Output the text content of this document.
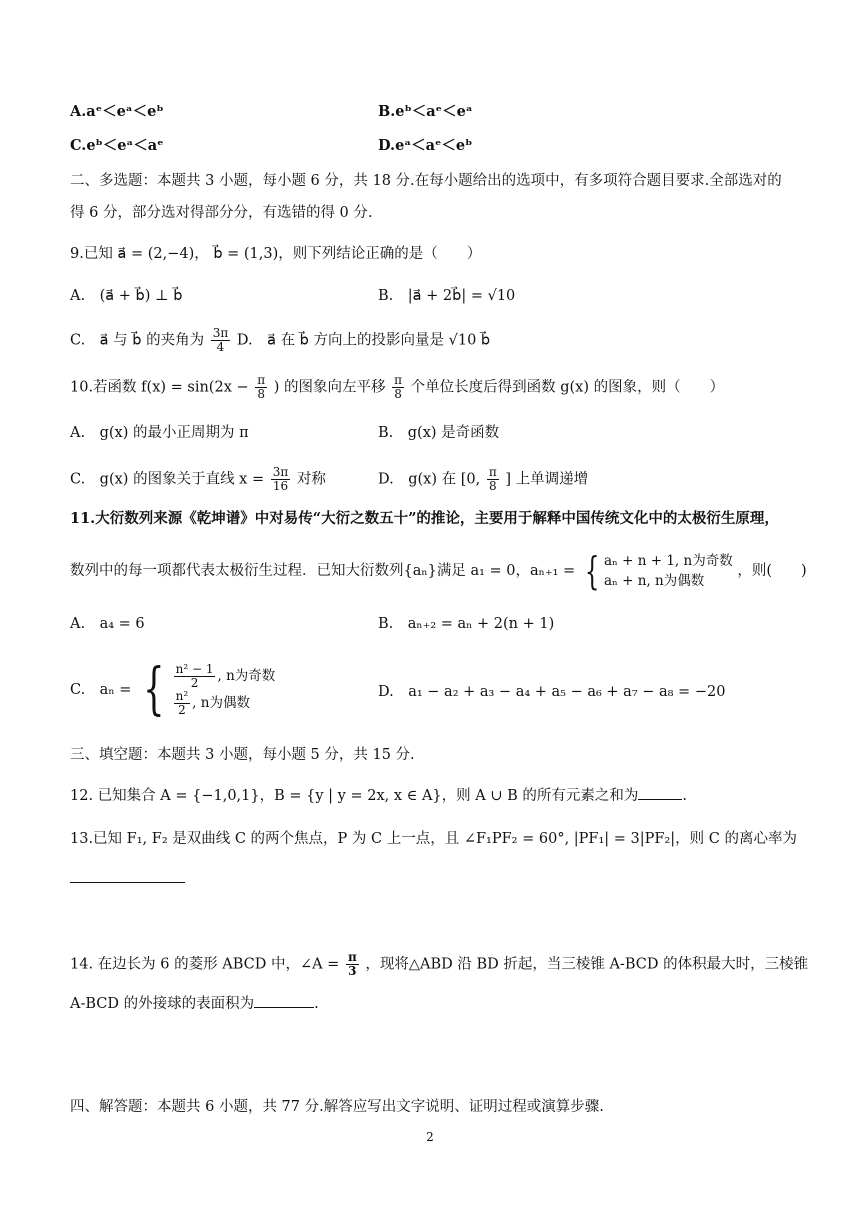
A.aᵉ＜eᵃ＜eᵇ	B.eᵇ＜aᵉ＜eᵃ
C.eᵇ＜eᵃ＜aᵉ	D.eᵃ＜aᵉ＜eᵇ
二、多选题：本题共 3 小题，每小题 6 分，共 18 分.在每小题给出的选项中，有多项符合题目要求.全部选对的
得 6 分，部分选对得部分分，有选错的得 0 分.
9.已知 a⃗ = (2,−4)， b⃗ = (1,3)，则下列结论正确的是（　　）
A.　(a⃗ + b⃗) ⊥ b⃗	B.　|a⃗ + 2b⃗| = √10
C.　a⃗ 与 b⃗ 的夹角为 $\frac{3\pi}{4} D$.　a⃗ 在 b⃗ 方向上的投影向量是 √10 b⃗
10.若函数 $f(x) = \sin(2x - \frac{\pi}{8}$ ) 的图象向左平移 $\frac{\pi}{8}$ 个单位长度后得到函数 g(x) 的图象，则（　　）
A.　g(x) 的最小正周期为 π	B.　g(x) 是奇函数
C.　g(x) 的图象关于直线 $x = \frac{3\pi}{16}$ 对称	D.　g(x) 在 [0, $\frac{\pi}{8}$ ] 上单调递增
11.大衍数列来源《乾坤谱》中对易传“大衍之数五十”的推论，主要用于解释中国传统文化中的太极衍生原理，
数列中的每一项都代表太极衍生过程．已知大衍数列{aₙ}满足 a₁ = 0，aₙ₊₁ = { aₙ + n + 1, n为奇数
aₙ + n, n为偶数
，则(　　)
A.　a₄ = 6	B.　aₙ₊₂ = aₙ + 2(n + 1)
C.　aₙ = { $\frac{\text{n² − 1}}{2}$ , n为奇数
$\frac{\text{n²}}{2}$ , n为偶数
D.　a₁ − a₂ + a₃ − a₄ + a₅ − a₆ + a₇ − a₈ = −20
三、填空题：本题共 3 小题，每小题 5 分，共 15 分.
12. 已知集合 A = {−1,0,1}，B = {y | y = 2x, x ∈ A}，则 A ∪ B 的所有元素之和为	.
13.已知 F₁, F₂ 是双曲线 C 的两个焦点，P 为 C 上一点，且 ∠F₁PF₂ = 60°, |PF₁| = 3|PF₂|，则 C 的离心率为
14. 在边长为 6 的菱形 ABCD 中，∠A = $\frac{\pi}{3}$ ，现将△ABD 沿 BD 折起，当三棱锥 A-BCD 的体积最大时，三棱锥
A-BCD 的外接球的表面积为	.
四、解答题：本题共 6 小题，共 77 分.解答应写出文字说明、证明过程或演算步骤.
2
